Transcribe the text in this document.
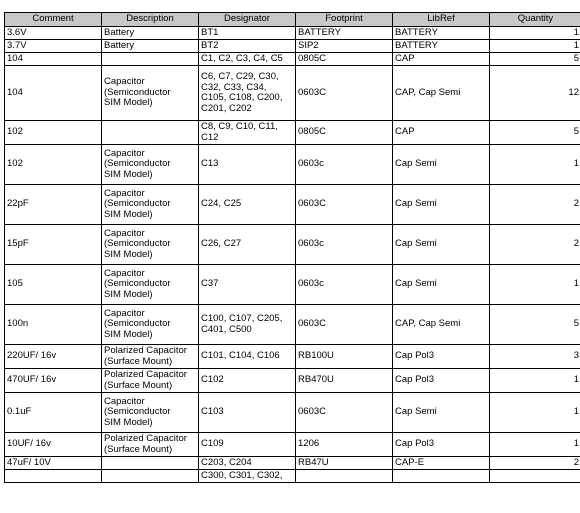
Comment	Description	Designator	Footprint	LibRef	Quantity
3.6V	Battery	BT1	BATTERY	BATTERY	1
3.7V	Battery	BT2	SIP2	BATTERY	1
104		C1, C2, C3, C4, C5	0805C	CAP	5
104	Capacitor
(Semiconductor
SIM Model)	C6, C7, C29, C30,
C32, C33, C34,
C105, C108, C200,
C201, C202	0603C	CAP, Cap Semi	12
102		C8, C9, C10, C11,
C12	0805C	CAP	5
102	Capacitor
(Semiconductor
SIM Model)	C13	0603c	Cap Semi	1
22pF	Capacitor
(Semiconductor
SIM Model)	C24, C25	0603C	Cap Semi	2
15pF	Capacitor
(Semiconductor
SIM Model)	C26, C27	0603c	Cap Semi	2
105	Capacitor
(Semiconductor
SIM Model)	C37	0603c	Cap Semi	1
100n	Capacitor
(Semiconductor
SIM Model)	C100, C107, C205,
C401, C500	0603C	CAP, Cap Semi	5
220UF/ 16v	Polarized Capacitor
(Surface Mount)	C101, C104, C106	RB100U	Cap Pol3	3
470UF/ 16v	Polarized Capacitor
(Surface Mount)	C102	RB470U	Cap Pol3	1
0.1uF	Capacitor
(Semiconductor
SIM Model)	C103	0603C	Cap Semi	1
10UF/ 16v	Polarized Capacitor
(Surface Mount)	C109	1206	Cap Pol3	1
47uF/ 10V		C203, C204	RB47U	CAP-E	2
		C300, C301, C302,			
